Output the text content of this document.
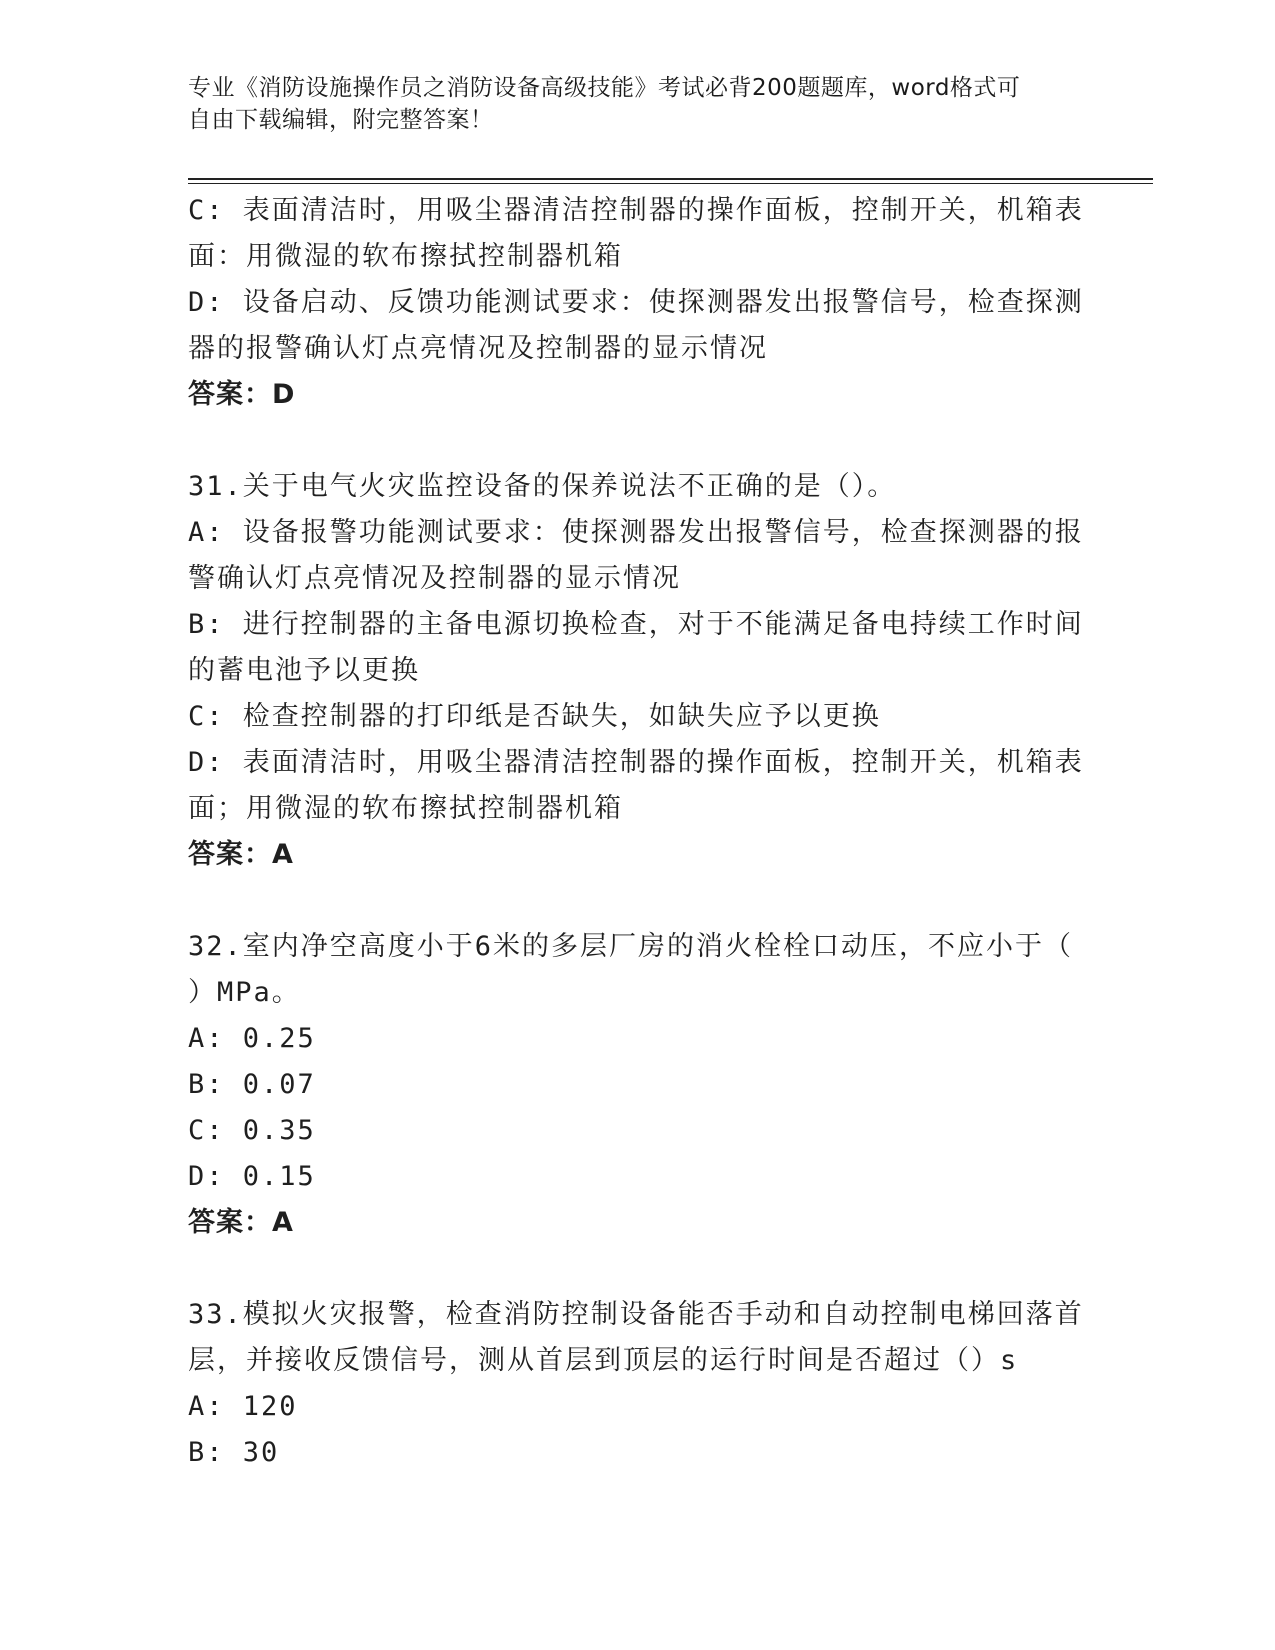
专业《消防设施操作员之消防设备高级技能》考试必背200题题库，word格式可
自由下载编辑，附完整答案！
C: 表面清洁时，用吸尘器清洁控制器的操作面板，控制开关，机箱表
面：用微湿的软布擦拭控制器机箱
D: 设备启动、反馈功能测试要求：使探测器发出报警信号，检查探测
器的报警确认灯点亮情况及控制器的显示情况
答案：D
31.关于电气火灾监控设备的保养说法不正确的是（）。
A: 设备报警功能测试要求：使探测器发出报警信号，检查探测器的报
警确认灯点亮情况及控制器的显示情况
B: 进行控制器的主备电源切换检查，对于不能满足备电持续工作时间
的蓄电池予以更换
C: 检查控制器的打印纸是否缺失，如缺失应予以更换
D: 表面清洁时，用吸尘器清洁控制器的操作面板，控制开关，机箱表
面；用微湿的软布擦拭控制器机箱
答案：A
32.室内净空高度小于6米的多层厂房的消火栓栓口动压，不应小于（
）MPa。
A: 0.25
B: 0.07
C: 0.35
D: 0.15
答案：A
33.模拟火灾报警，检查消防控制设备能否手动和自动控制电梯回落首
层，并接收反馈信号，测从首层到顶层的运行时间是否超过（）s
A: 120
B: 30
